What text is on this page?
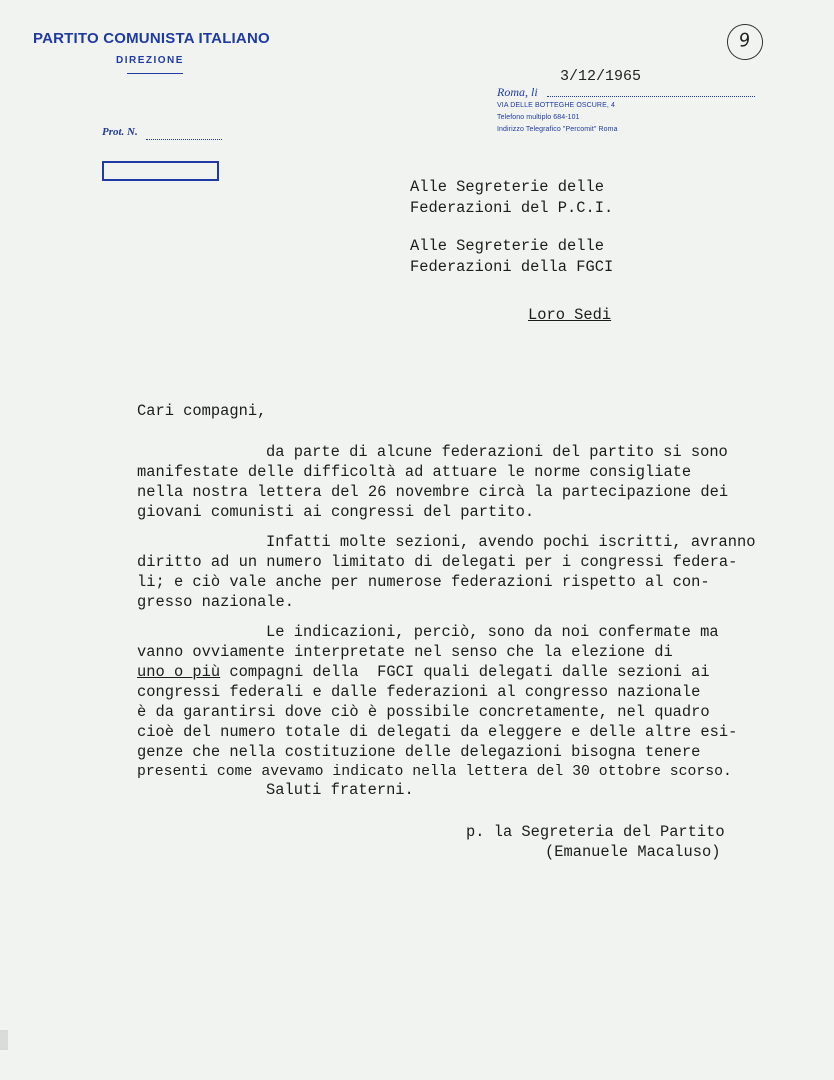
PARTITO COMUNISTA ITALIANO
DIREZIONE
Prot. N.
3/12/1965
Roma, li
VIA DELLE BOTTEGHE OSCURE, 4
Telefono multiplo 684-101
Indirizzo Telegrafico "Percomit" Roma
9
Alle Segreterie delle
Federazioni del P.C.I.
Alle Segreterie delle
Federazioni della FGCI
Loro Sedi
Cari compagni,
da parte di alcune federazioni del partito si sono
manifestate delle difficoltà ad attuare le norme consigliate
nella nostra lettera del 26 novembre circà la partecipazione dei
giovani comunisti ai congressi del partito.
Infatti molte sezioni, avendo pochi iscritti, avranno
diritto ad un numero limitato di delegati per i congressi federa-
li; e ciò vale anche per numerose federazioni rispetto al con-
gresso nazionale.
Le indicazioni, perciò, sono da noi confermate ma
vanno ovviamente interpretate nel senso che la elezione di
uno o più compagni della  FGCI quali delegati dalle sezioni ai
congressi federali e dalle federazioni al congresso nazionale
è da garantirsi dove ciò è possibile concretamente, nel quadro
cioè del numero totale di delegati da eleggere e delle altre esi-
genze che nella costituzione delle delegazioni bisogna tenere
presenti come avevamo indicato nella lettera del 30 ottobre scorso.
Saluti fraterni.
p. la Segreteria del Partito
(Emanuele Macaluso)
